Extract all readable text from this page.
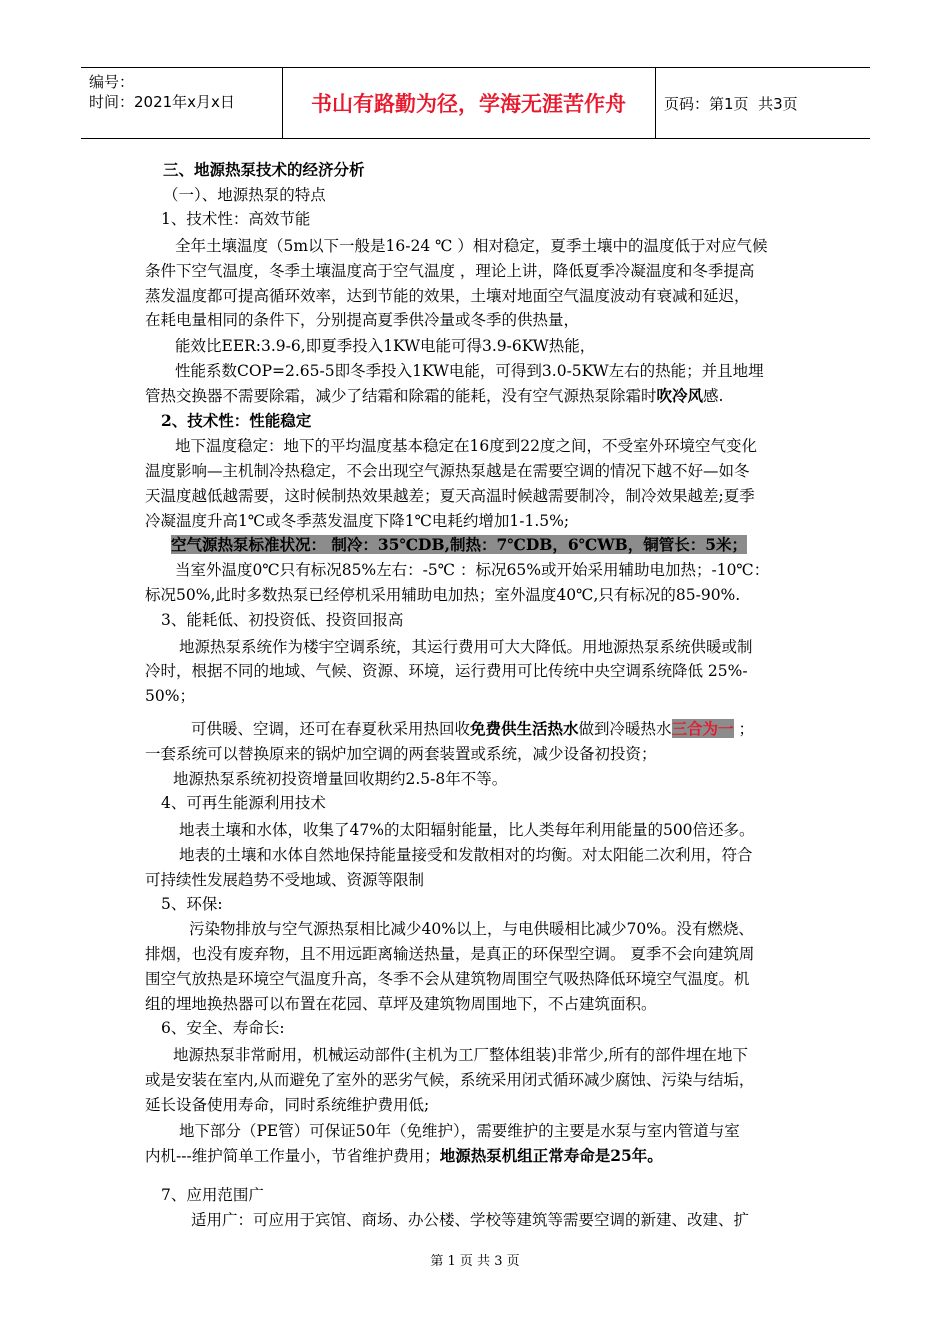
编号：
时间：2021年x月x日	书山有路勤为径，学海无涯苦作舟	页码：第1页  共3页
三、地源热泵技术的经济分析
（一）、地源热泵的特点
1、技术性：高效节能
全年土壤温度（5m以下一般是16-24 ℃ ）相对稳定，夏季土壤中的温度低于对应气候
条件下空气温度，冬季土壤温度高于空气温度 ，理论上讲，降低夏季冷凝温度和冬季提高
蒸发温度都可提高循环效率，达到节能的效果，土壤对地面空气温度波动有衰减和延迟，
在耗电量相同的条件下，分别提高夏季供冷量或冬季的供热量，
能效比EER:3.9-6,即夏季投入1KW电能可得3.9-6KW热能，
性能系数COP=2.65-5即冬季投入1KW电能，可得到3.0-5KW左右的热能；并且地埋
管热交换器不需要除霜，减少了结霜和除霜的能耗，没有空气源热泵除霜时吹冷风感.
2、技术性：性能稳定
地下温度稳定：地下的平均温度基本稳定在16度到22度之间，不受室外环境空气变化
温度影响—主机制冷热稳定，不会出现空气源热泵越是在需要空调的情况下越不好—如冬
天温度越低越需要，这时候制热效果越差；夏天高温时候越需要制冷，制冷效果越差;夏季
冷凝温度升高1℃或冬季蒸发温度下降1℃电耗约增加1-1.5%;
空气源热泵标准状况： 制冷：35℃DB,制热：7℃DB，6℃WB，铜管长：5米；
当室外温度0℃只有标况85%左右：-5℃ ：标况65%或开始采用辅助电加热；-10℃：
标况50%,此时多数热泵已经停机采用辅助电加热；室外温度40℃,只有标况的85-90%.
3、能耗低、初投资低、投资回报高
地源热泵系统作为楼宇空调系统，其运行费用可大大降低。用地源热泵系统供暖或制
冷时，根据不同的地域、气候、资源、环境，运行费用可比传统中央空调系统降低 25%-
50%；
可供暖、空调，还可在春夏秋采用热回收免费供生活热水做到冷暖热水三合为一 ；
一套系统可以替换原来的锅炉加空调的两套装置或系统，减少设备初投资；
地源热泵系统初投资增量回收期约2.5-8年不等。
4、可再生能源利用技术
地表土壤和水体，收集了47%的太阳辐射能量，比人类每年利用能量的500倍还多。
地表的土壤和水体自然地保持能量接受和发散相对的均衡。对太阳能二次利用，符合
可持续性发展趋势不受地域、资源等限制
5、环保:
污染物排放与空气源热泵相比减少40%以上，与电供暖相比减少70%。没有燃烧、
排烟，也没有废弃物，且不用远距离输送热量，是真正的环保型空调。 夏季不会向建筑周
围空气放热是环境空气温度升高，冬季不会从建筑物周围空气吸热降低环境空气温度。机
组的埋地换热器可以布置在花园、草坪及建筑物周围地下，不占建筑面积。
6、安全、寿命长:
地源热泵非常耐用，机械运动部件(主机为工厂整体组装)非常少,所有的部件埋在地下
或是安装在室内,从而避免了室外的恶劣气候，系统采用闭式循环减少腐蚀、污染与结垢，
延长设备使用寿命，同时系统维护费用低;
地下部分（PE管）可保证50年（免维护），需要维护的主要是水泵与室内管道与室
内机---维护简单工作量小，节省维护费用；地源热泵机组正常寿命是25年。
7、应用范围广
适用广：可应用于宾馆、商场、办公楼、学校等建筑等需要空调的新建、改建、扩
第 1 页 共 3 页
